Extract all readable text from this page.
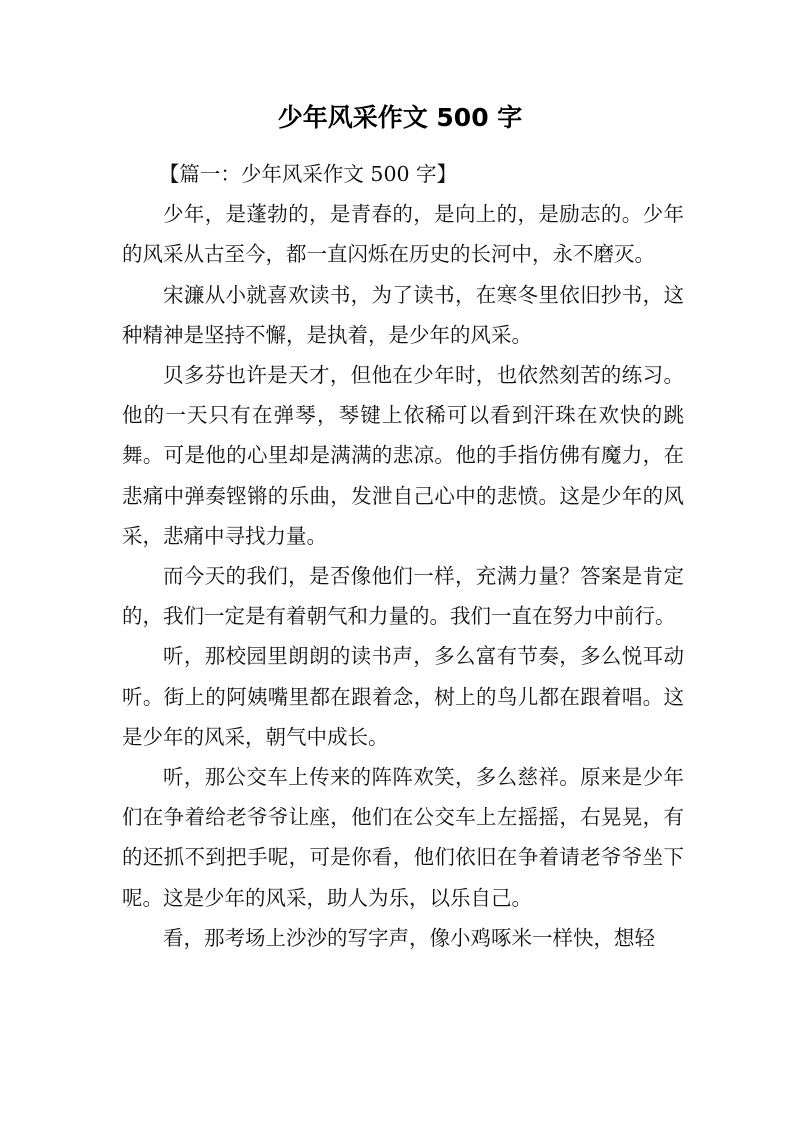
少年风采作文 500 字

【篇一：少年风采作文 500 字】

少年，是蓬勃的，是青春的，是向上的，是励志的。少年的风采从古至今，都一直闪烁在历史的长河中，永不磨灭。

宋濂从小就喜欢读书，为了读书，在寒冬里依旧抄书，这种精神是坚持不懈，是执着，是少年的风采。

贝多芬也许是天才，但他在少年时，也依然刻苦的练习。他的一天只有在弹琴，琴键上依稀可以看到汗珠在欢快的跳舞。可是他的心里却是满满的悲凉。他的手指仿佛有魔力，在悲痛中弹奏铿锵的乐曲，发泄自己心中的悲愤。这是少年的风采，悲痛中寻找力量。

而今天的我们，是否像他们一样，充满力量？答案是肯定的，我们一定是有着朝气和力量的。我们一直在努力中前行。

听，那校园里朗朗的读书声，多么富有节奏，多么悦耳动听。街上的阿姨嘴里都在跟着念，树上的鸟儿都在跟着唱。这是少年的风采，朝气中成长。

听，那公交车上传来的阵阵欢笑，多么慈祥。原来是少年们在争着给老爷爷让座，他们在公交车上左摇摇，右晃晃，有的还抓不到把手呢，可是你看，他们依旧在争着请老爷爷坐下呢。这是少年的风采，助人为乐，以乐自己。

看，那考场上沙沙的写字声，像小鸡啄米一样快，想轻
